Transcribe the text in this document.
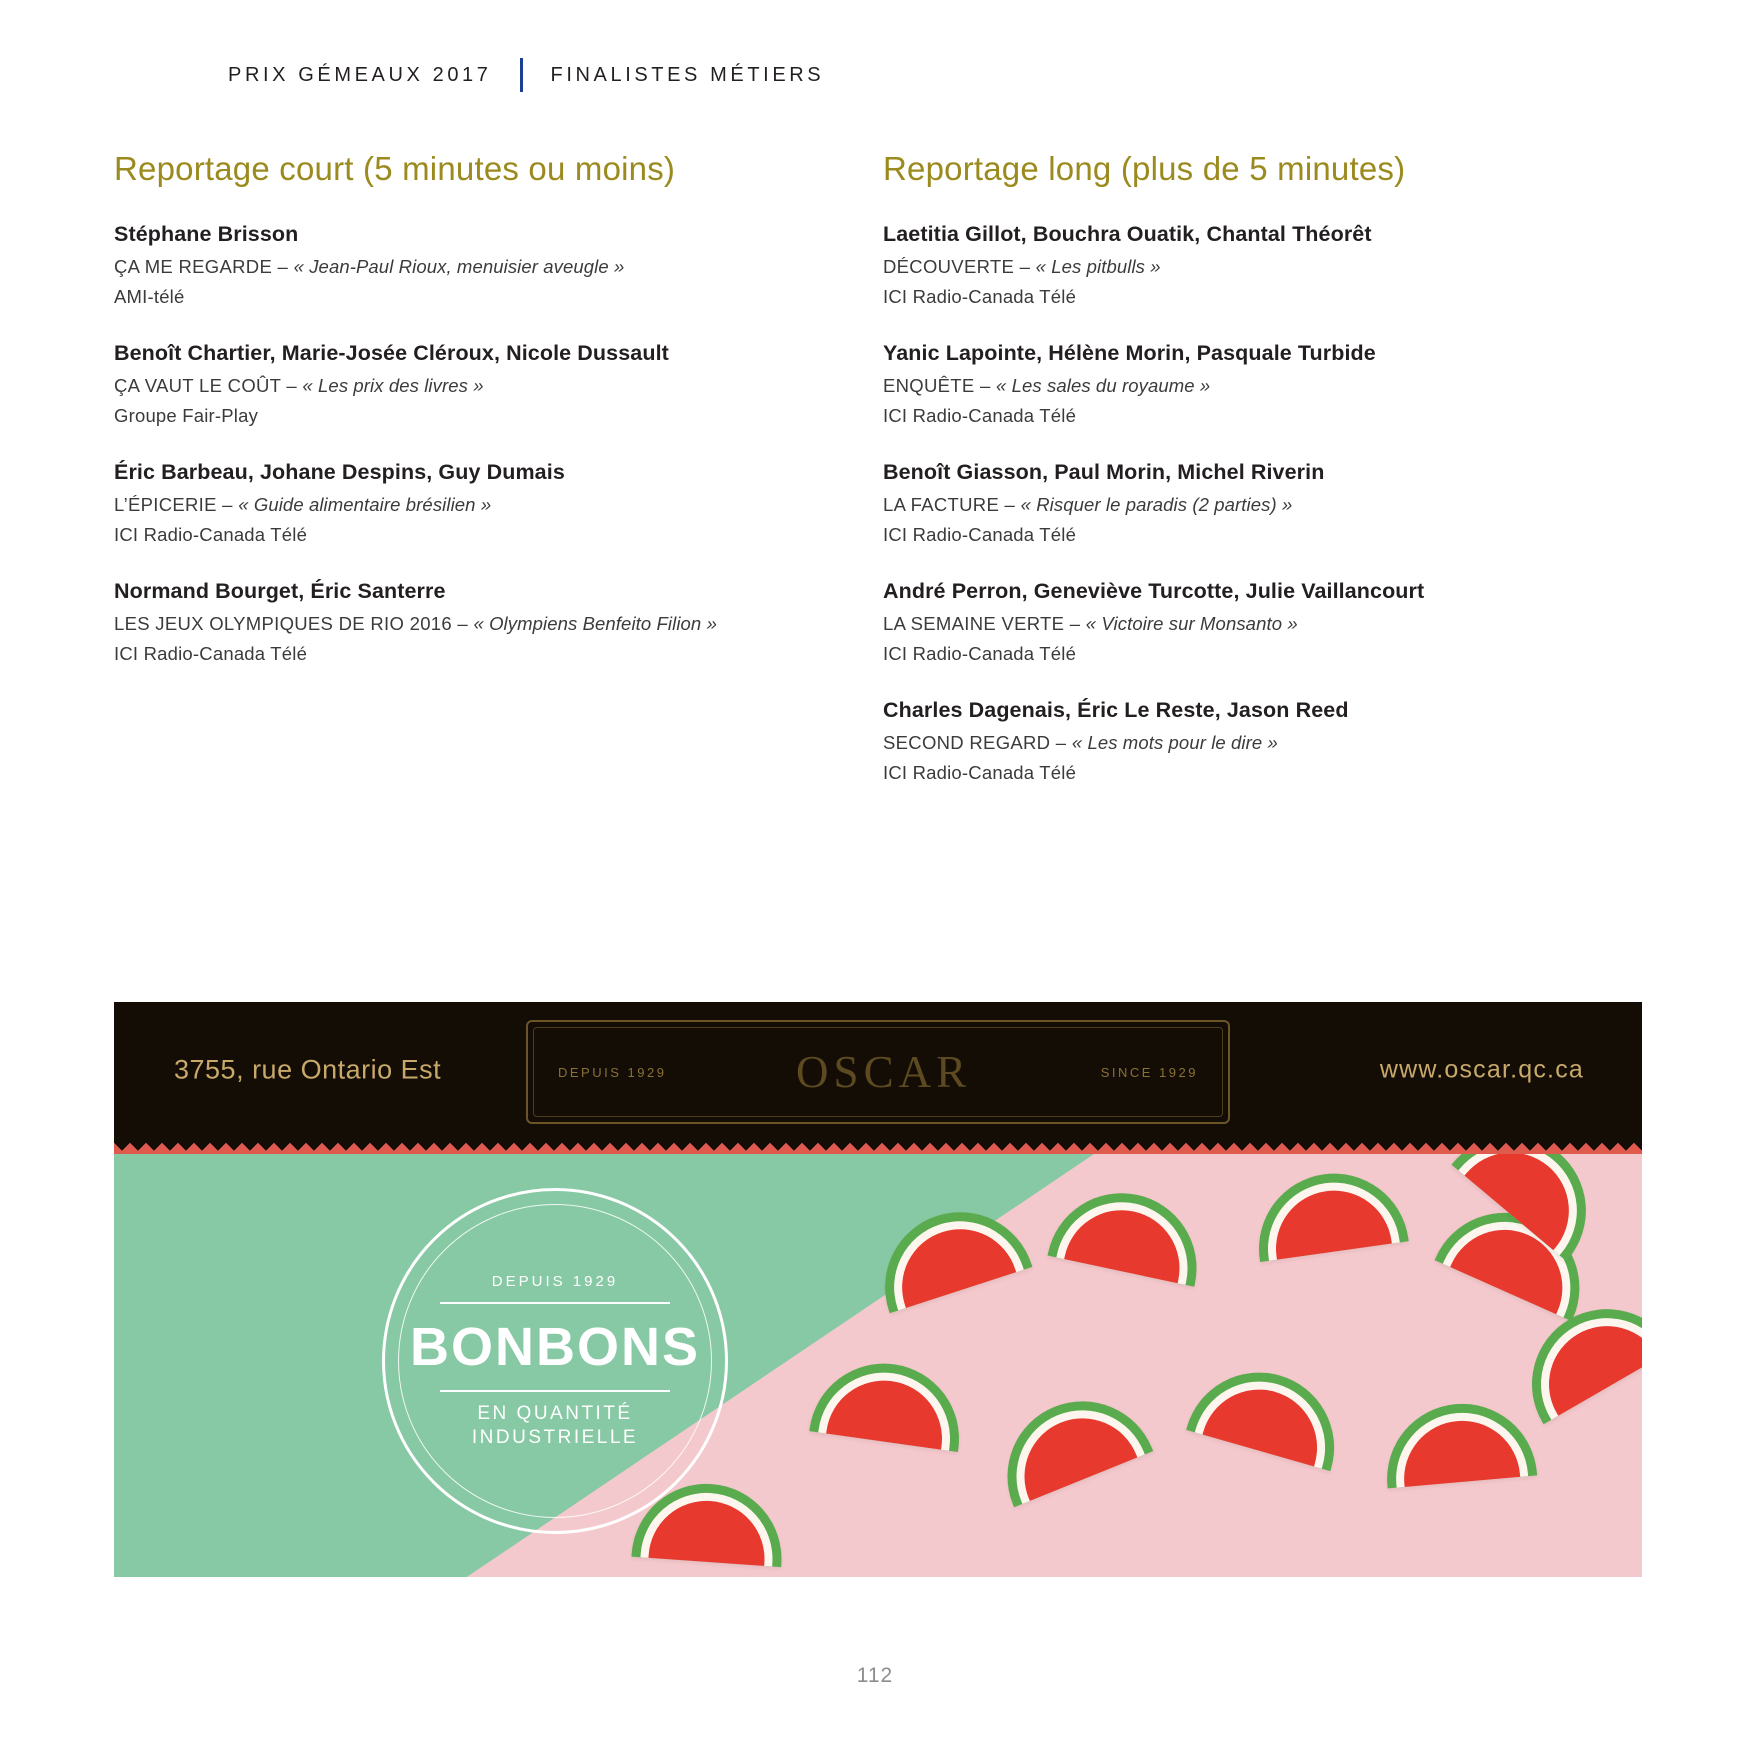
PRIX GÉMEAUX 2017	FINALISTES MÉTIERS
Reportage court (5 minutes ou moins)
Stéphane Brisson
ÇA ME REGARDE – « Jean-Paul Rioux, menuisier aveugle »
AMI-télé
Benoît Chartier, Marie-Josée Cléroux, Nicole Dussault
ÇA VAUT LE COÛT – « Les prix des livres »
Groupe Fair-Play
Éric Barbeau, Johane Despins, Guy Dumais
L’ÉPICERIE – « Guide alimentaire brésilien »
ICI Radio-Canada Télé
Normand Bourget, Éric Santerre
LES JEUX OLYMPIQUES DE RIO 2016 – « Olympiens Benfeito Filion »
ICI Radio-Canada Télé
Reportage long (plus de 5 minutes)
Laetitia Gillot, Bouchra Ouatik, Chantal Théorêt
DÉCOUVERTE – « Les pitbulls »
ICI Radio-Canada Télé
Yanic Lapointe, Hélène Morin, Pasquale Turbide
ENQUÊTE – « Les sales du royaume »
ICI Radio-Canada Télé
Benoît Giasson, Paul Morin, Michel Riverin
LA FACTURE – « Risquer le paradis (2 parties) »
ICI Radio-Canada Télé
André Perron, Geneviève Turcotte, Julie Vaillancourt
LA SEMAINE VERTE – « Victoire sur Monsanto »
ICI Radio-Canada Télé
Charles Dagenais, Éric Le Reste, Jason Reed
SECOND REGARD – « Les mots pour le dire »
ICI Radio-Canada Télé
3755, rue Ontario Est	DEPUIS 1929	OSCAR	SINCE 1929	www.oscar.qc.ca
DEPUIS 1929
BONBONS
EN QUANTITÉ
INDUSTRIELLE
112
